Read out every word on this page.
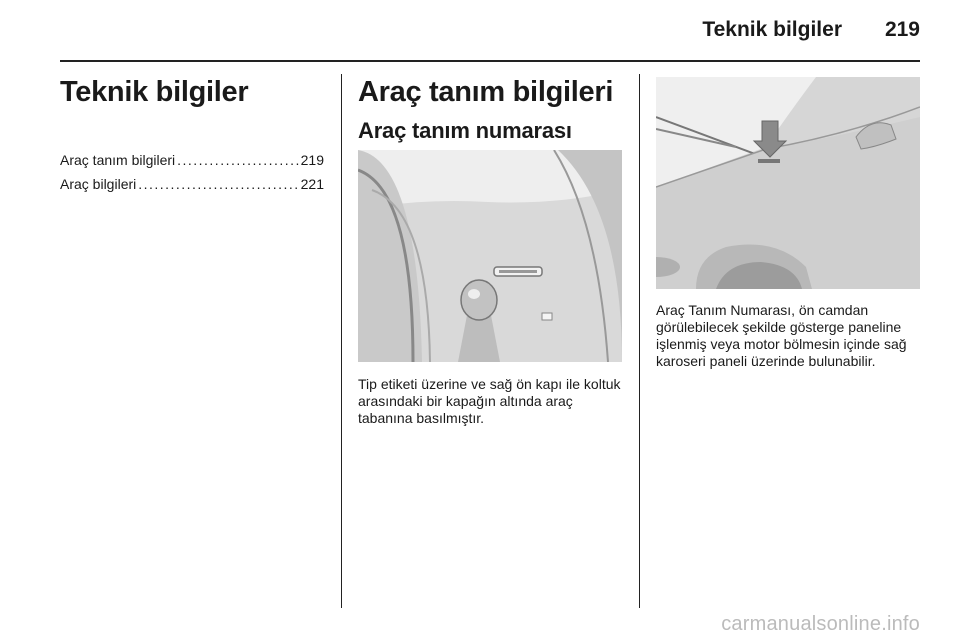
Teknik bilgiler 219
Teknik bilgiler
Araç tanım bilgileri . . .	219
Araç bilgileri . . .	221
Araç tanım bilgileri
Araç tanım numarası
Tip etiketi üzerine ve sağ ön kapı ile koltuk arasındaki bir kapağın altında araç tabanına basılmıştır.
Araç Tanım Numarası, ön camdan görülebilecek şekilde gösterge paneline işlenmiş veya motor bölmesin içinde sağ karoseri paneli üzerinde bulunabilir.
carmanualsonline.info
